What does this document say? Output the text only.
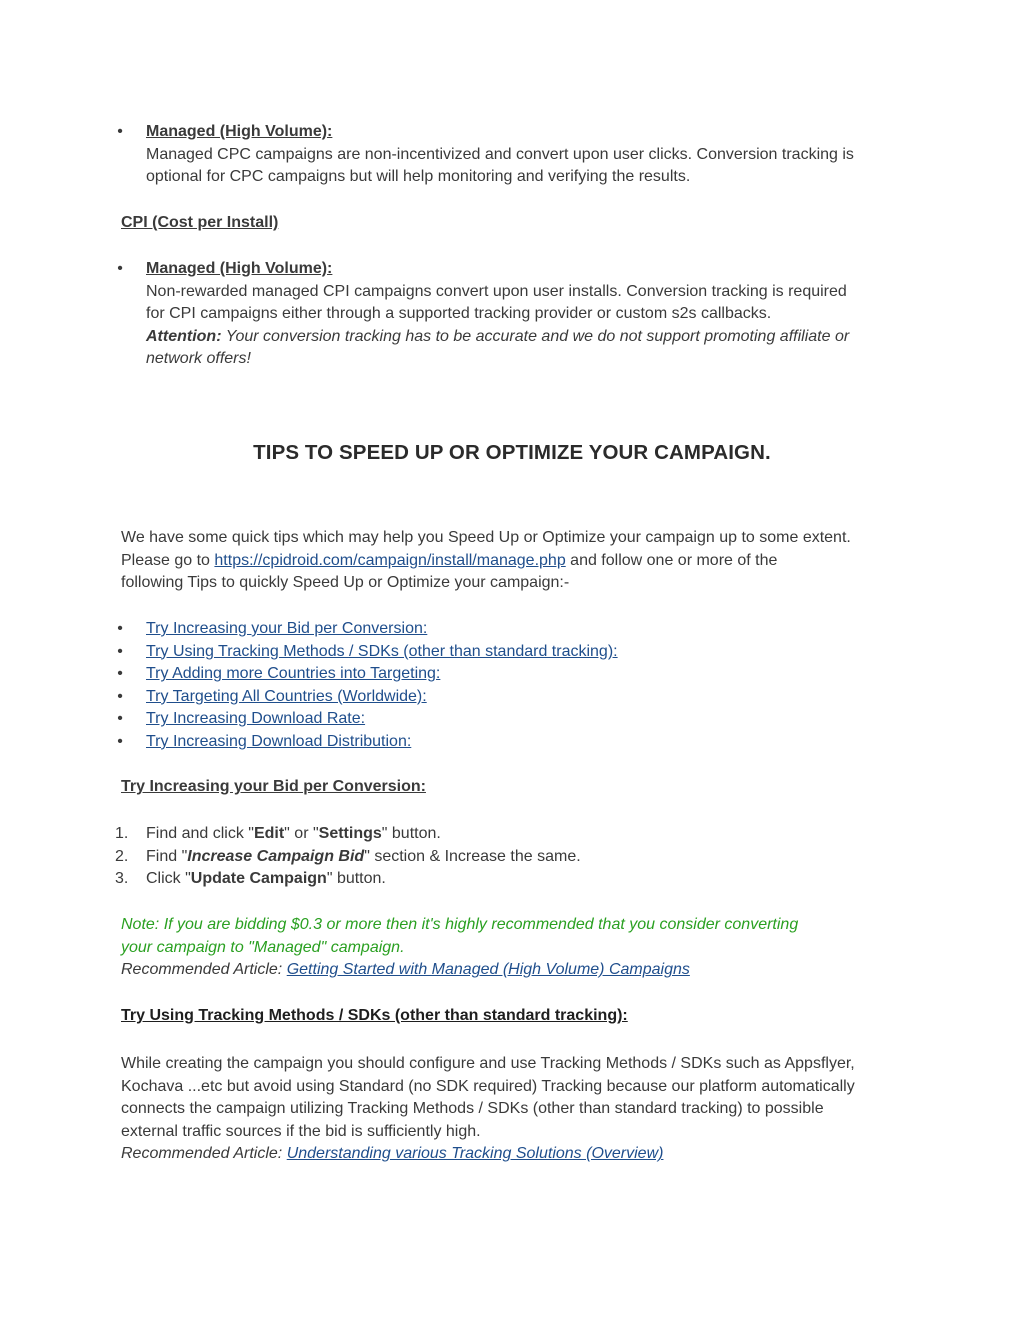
• Managed (High Volume):
Managed CPC campaigns are non-incentivized and convert upon user clicks. Conversion tracking is
optional for CPC campaigns but will help monitoring and verifying the results.
CPI (Cost per Install)
• Managed (High Volume):
Non-rewarded managed CPI campaigns convert upon user installs. Conversion tracking is required
for CPI campaigns either through a supported tracking provider or custom s2s callbacks.
Attention: Your conversion tracking has to be accurate and we do not support promoting affiliate or
network offers!
TIPS TO SPEED UP OR OPTIMIZE YOUR CAMPAIGN.
We have some quick tips which may help you Speed Up or Optimize your campaign up to some extent.
Please go to https://cpidroid.com/campaign/install/manage.php and follow one or more of the
following Tips to quickly Speed Up or Optimize your campaign:-
•
•
•
•
•
•
Try Increasing your Bid per Conversion:
Try Using Tracking Methods / SDKs (other than standard tracking):
Try Adding more Countries into Targeting:
Try Targeting All Countries (Worldwide):
Try Increasing Download Rate:
Try Increasing Download Distribution:
Try Increasing your Bid per Conversion:
1.
2.
3.
Find and click "Edit" or "Settings" button.
Find "Increase Campaign Bid" section & Increase the same.
Click "Update Campaign" button.
Note: If you are bidding $0.3 or more then it's highly recommended that you consider converting
your campaign to "Managed" campaign.
Recommended Article: Getting Started with Managed (High Volume) Campaigns
Try Using Tracking Methods / SDKs (other than standard tracking):
While creating the campaign you should configure and use Tracking Methods / SDKs such as Appsflyer,
Kochava ...etc but avoid using Standard (no SDK required) Tracking because our platform automatically
connects the campaign utilizing Tracking Methods / SDKs (other than standard tracking) to possible
external traffic sources if the bid is sufficiently high.
Recommended Article: Understanding various Tracking Solutions (Overview)
